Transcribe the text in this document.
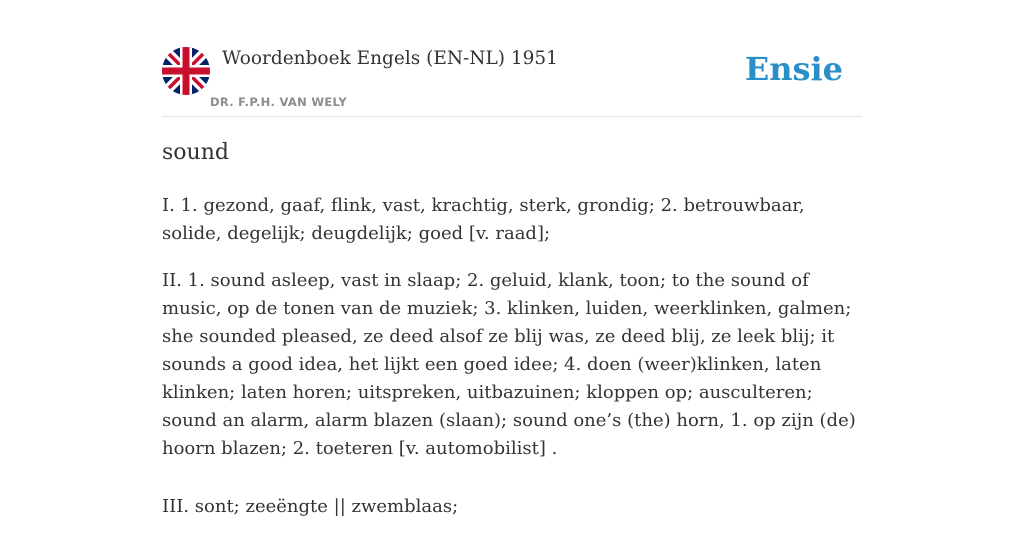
Woordenboek Engels (EN-NL) 1951
DR. F.P.H. VAN WELY
Ensie
sound

I. 1. gezond, gaaf, flink, vast, krachtig, sterk, grondig; 2. betrouwbaar, solide, degelijk; deugdelijk; goed [v. raad];

II. 1. sound asleep, vast in slaap; 2. geluid, klank, toon; to the sound of music, op de tonen van de muziek; 3. klinken, luiden, weerklinken, galmen; she sounded pleased, ze deed alsof ze blij was, ze deed blij, ze leek blij; it sounds a good idea, het lijkt een goed idee; 4. doen (weer)klinken, laten klinken; laten horen; uitspreken, uitbazuinen; kloppen op; ausculteren; sound an alarm, alarm blazen (slaan); sound one’s (the) horn, 1. op zijn (de) hoorn blazen; 2. toeteren [v. automobilist] .

III. sont; zeeëngte || zwemblaas;
